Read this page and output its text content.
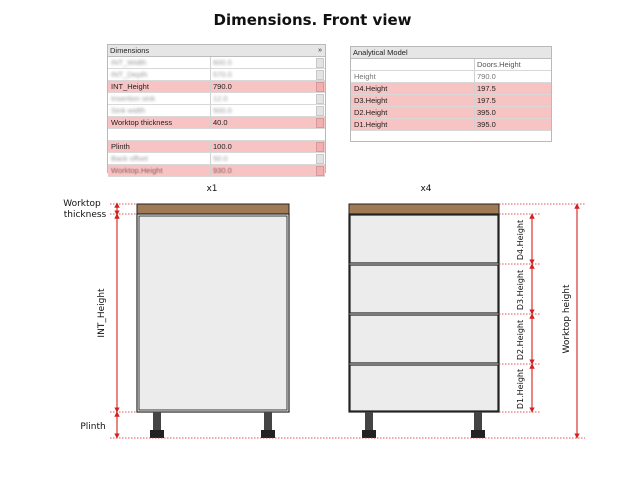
Dimensions. Front view
Dimensions	»
INT_Width	600.0
INT_Depth	570.0
INT_Height	790.0
Insertion sink	12.0
Sink width	500.0
Worktop thickness	40.0
Plinth	100.0
Back offset	50.0
Worktop.Height	930.0
Analytical Model
Doors.Height
Height	790.0
D4.Height	197.5
D3.Height	197.5
D2.Height	395.0
D1.Height	395.0
x1	x4
Worktop
thickness
INT_Height
Plinth
Worktop height
D4.Height
D3.Height
D2.Height
D1.Height
